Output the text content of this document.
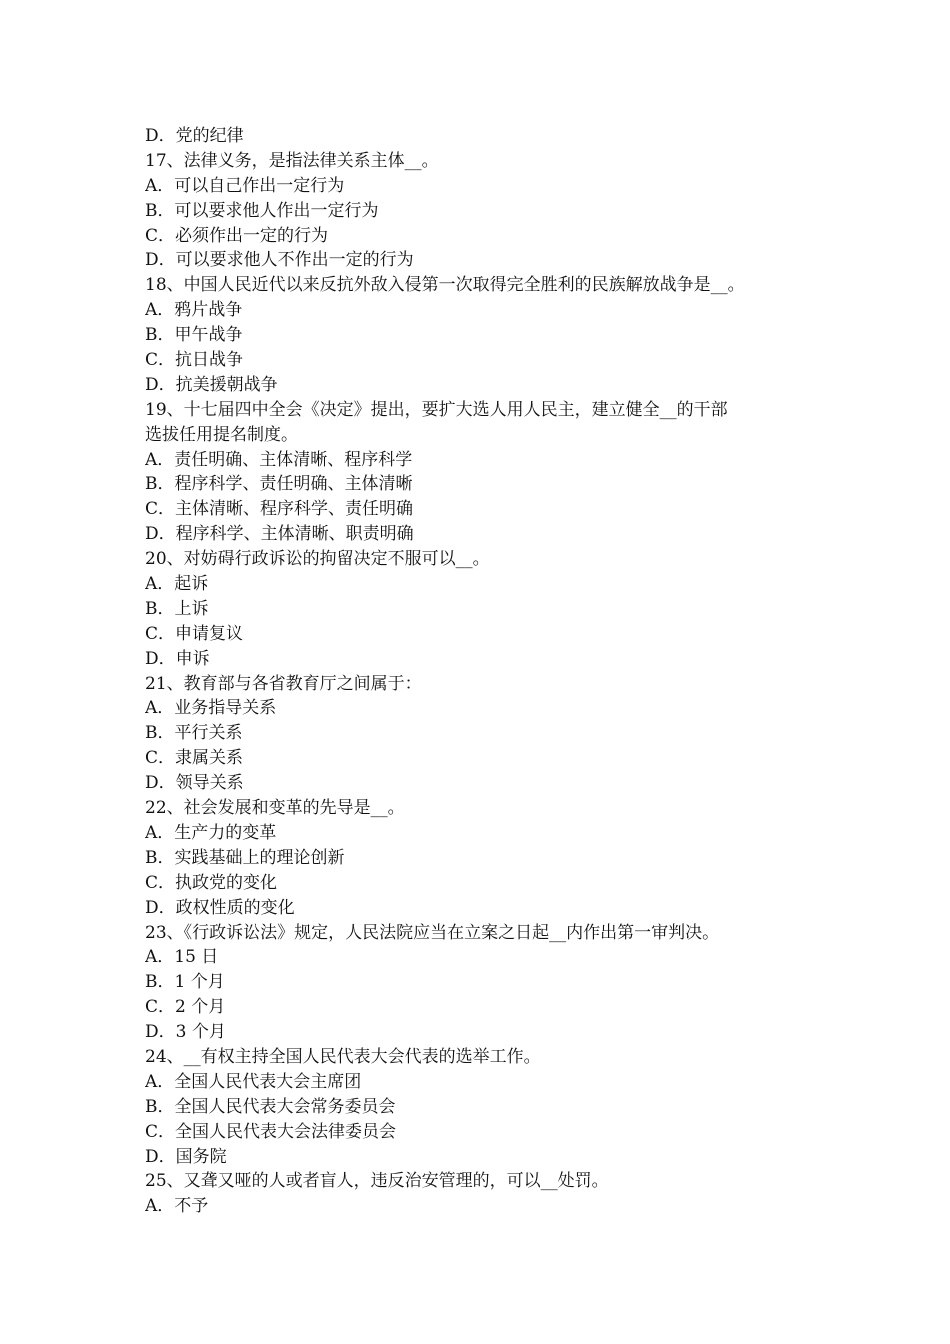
D．党的纪律
17、法律义务，是指法律关系主体__。
A．可以自己作出一定行为
B．可以要求他人作出一定行为
C．必须作出一定的行为
D．可以要求他人不作出一定的行为
18、中国人民近代以来反抗外敌入侵第一次取得完全胜利的民族解放战争是__。
A．鸦片战争
B．甲午战争
C．抗日战争
D．抗美援朝战争
19、十七届四中全会《决定》提出，要扩大选人用人民主，建立健全__的干部
选拔任用提名制度。
A．责任明确、主体清晰、程序科学
B．程序科学、责任明确、主体清晰
C．主体清晰、程序科学、责任明确
D．程序科学、主体清晰、职责明确
20、对妨碍行政诉讼的拘留决定不服可以__。
A．起诉
B．上诉
C．申请复议
D．申诉
21、教育部与各省教育厅之间属于：
A．业务指导关系
B．平行关系
C．隶属关系
D．领导关系
22、社会发展和变革的先导是__。
A．生产力的变革
B．实践基础上的理论创新
C．执政党的变化
D．政权性质的变化
23、《行政诉讼法》规定，人民法院应当在立案之日起__内作出第一审判决。
A．15 日
B．1 个月
C．2 个月
D．3 个月
24、__有权主持全国人民代表大会代表的选举工作。
A．全国人民代表大会主席团
B．全国人民代表大会常务委员会
C．全国人民代表大会法律委员会
D．国务院
25、又聋又哑的人或者盲人，违反治安管理的，可以__处罚。
A．不予
